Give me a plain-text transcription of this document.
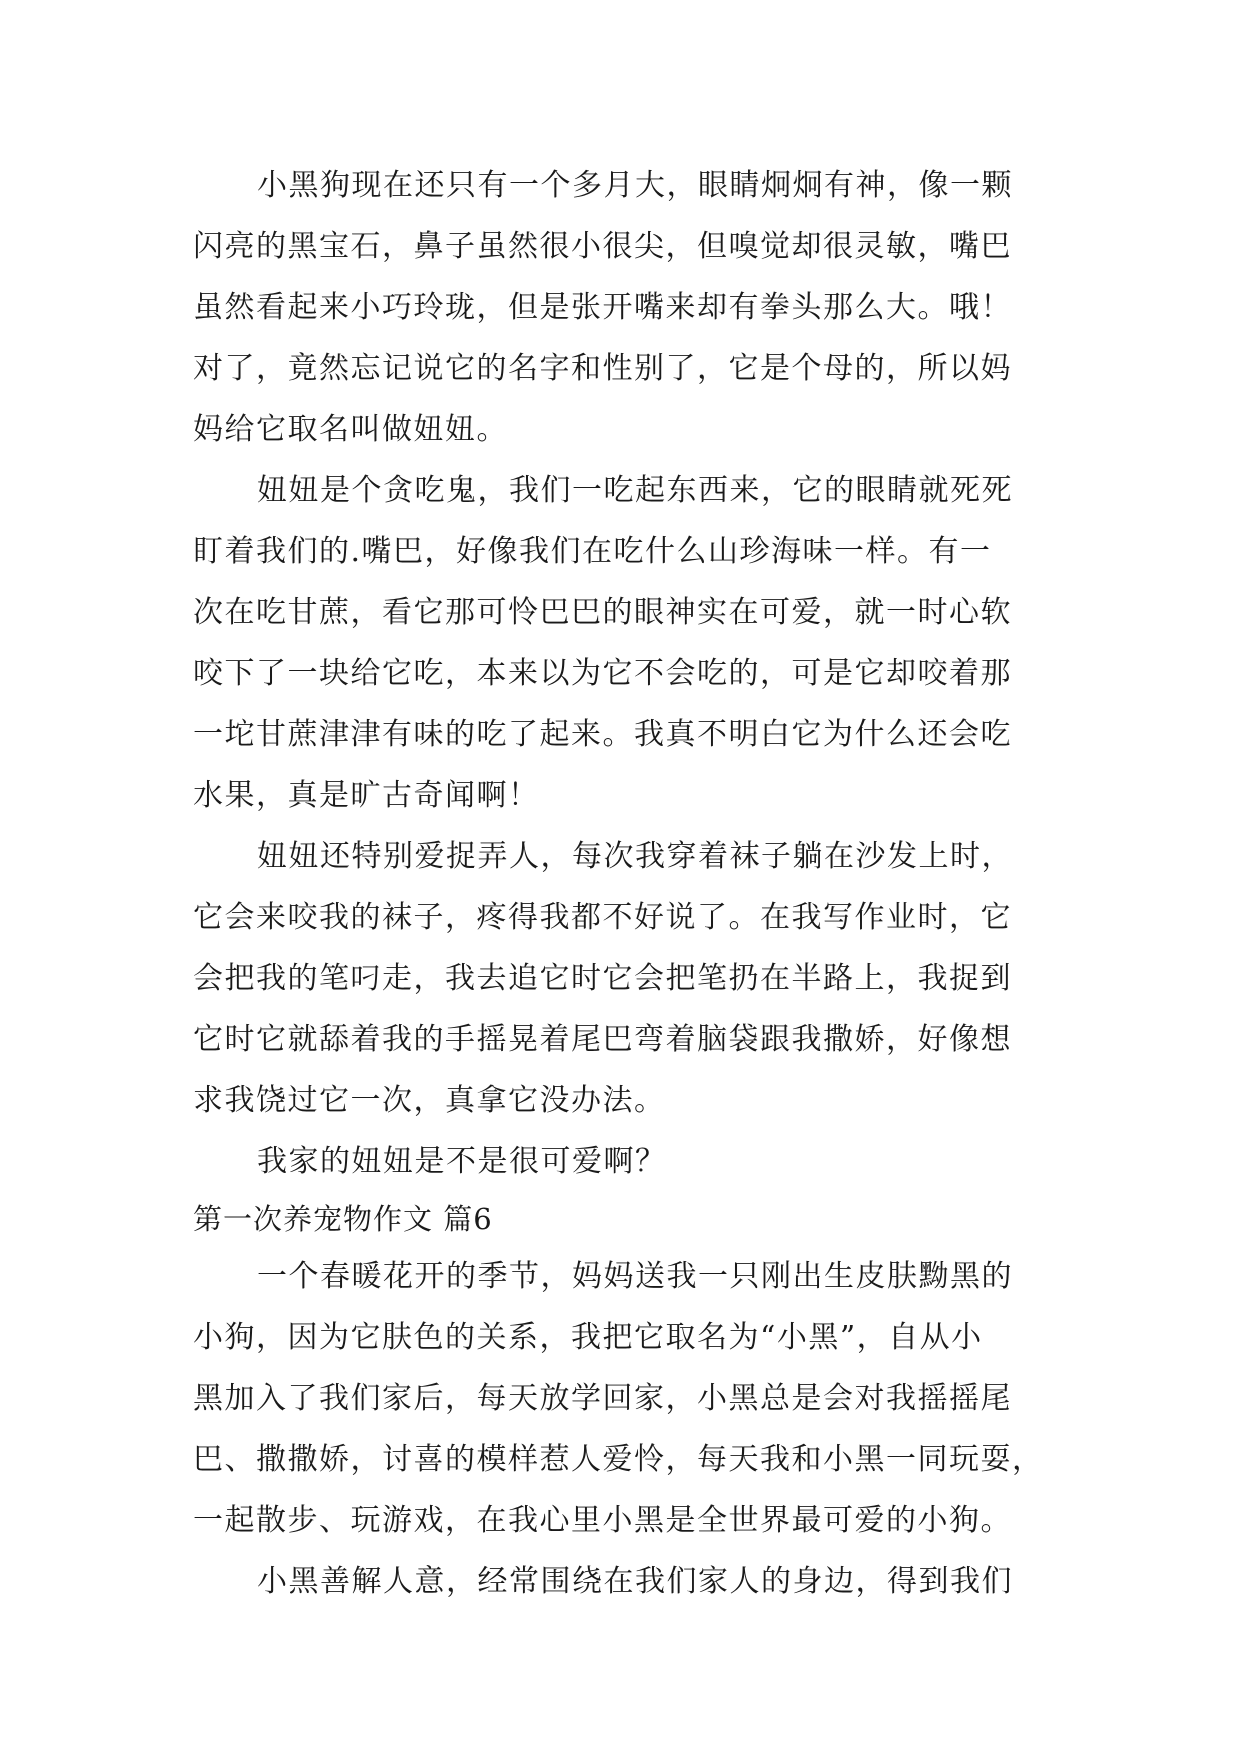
小黑狗现在还只有一个多月大，眼睛炯炯有神，像一颗
闪亮的黑宝石，鼻子虽然很小很尖，但嗅觉却很灵敏，嘴巴
虽然看起来小巧玲珑，但是张开嘴来却有拳头那么大。哦！
对了，竟然忘记说它的名字和性别了，它是个母的，所以妈
妈给它取名叫做妞妞。
妞妞是个贪吃鬼，我们一吃起东西来，它的眼睛就死死
盯着我们的.嘴巴，好像我们在吃什么山珍海味一样。有一
次在吃甘蔗，看它那可怜巴巴的眼神实在可爱，就一时心软
咬下了一块给它吃，本来以为它不会吃的，可是它却咬着那
一坨甘蔗津津有味的吃了起来。我真不明白它为什么还会吃
水果，真是旷古奇闻啊！
妞妞还特别爱捉弄人，每次我穿着袜子躺在沙发上时，
它会来咬我的袜子，疼得我都不好说了。在我写作业时，它
会把我的笔叼走，我去追它时它会把笔扔在半路上，我捉到
它时它就舔着我的手摇晃着尾巴弯着脑袋跟我撒娇，好像想
求我饶过它一次，真拿它没办法。
我家的妞妞是不是很可爱啊？
第一次养宠物作文 篇6
一个春暖花开的季节，妈妈送我一只刚出生皮肤黝黑的
小狗，因为它肤色的关系，我把它取名为“小黑”，自从小
黑加入了我们家后，每天放学回家，小黑总是会对我摇摇尾
巴、撒撒娇，讨喜的模样惹人爱怜，每天我和小黑一同玩耍，
一起散步、玩游戏，在我心里小黑是全世界最可爱的小狗。
小黑善解人意，经常围绕在我们家人的身边，得到我们
